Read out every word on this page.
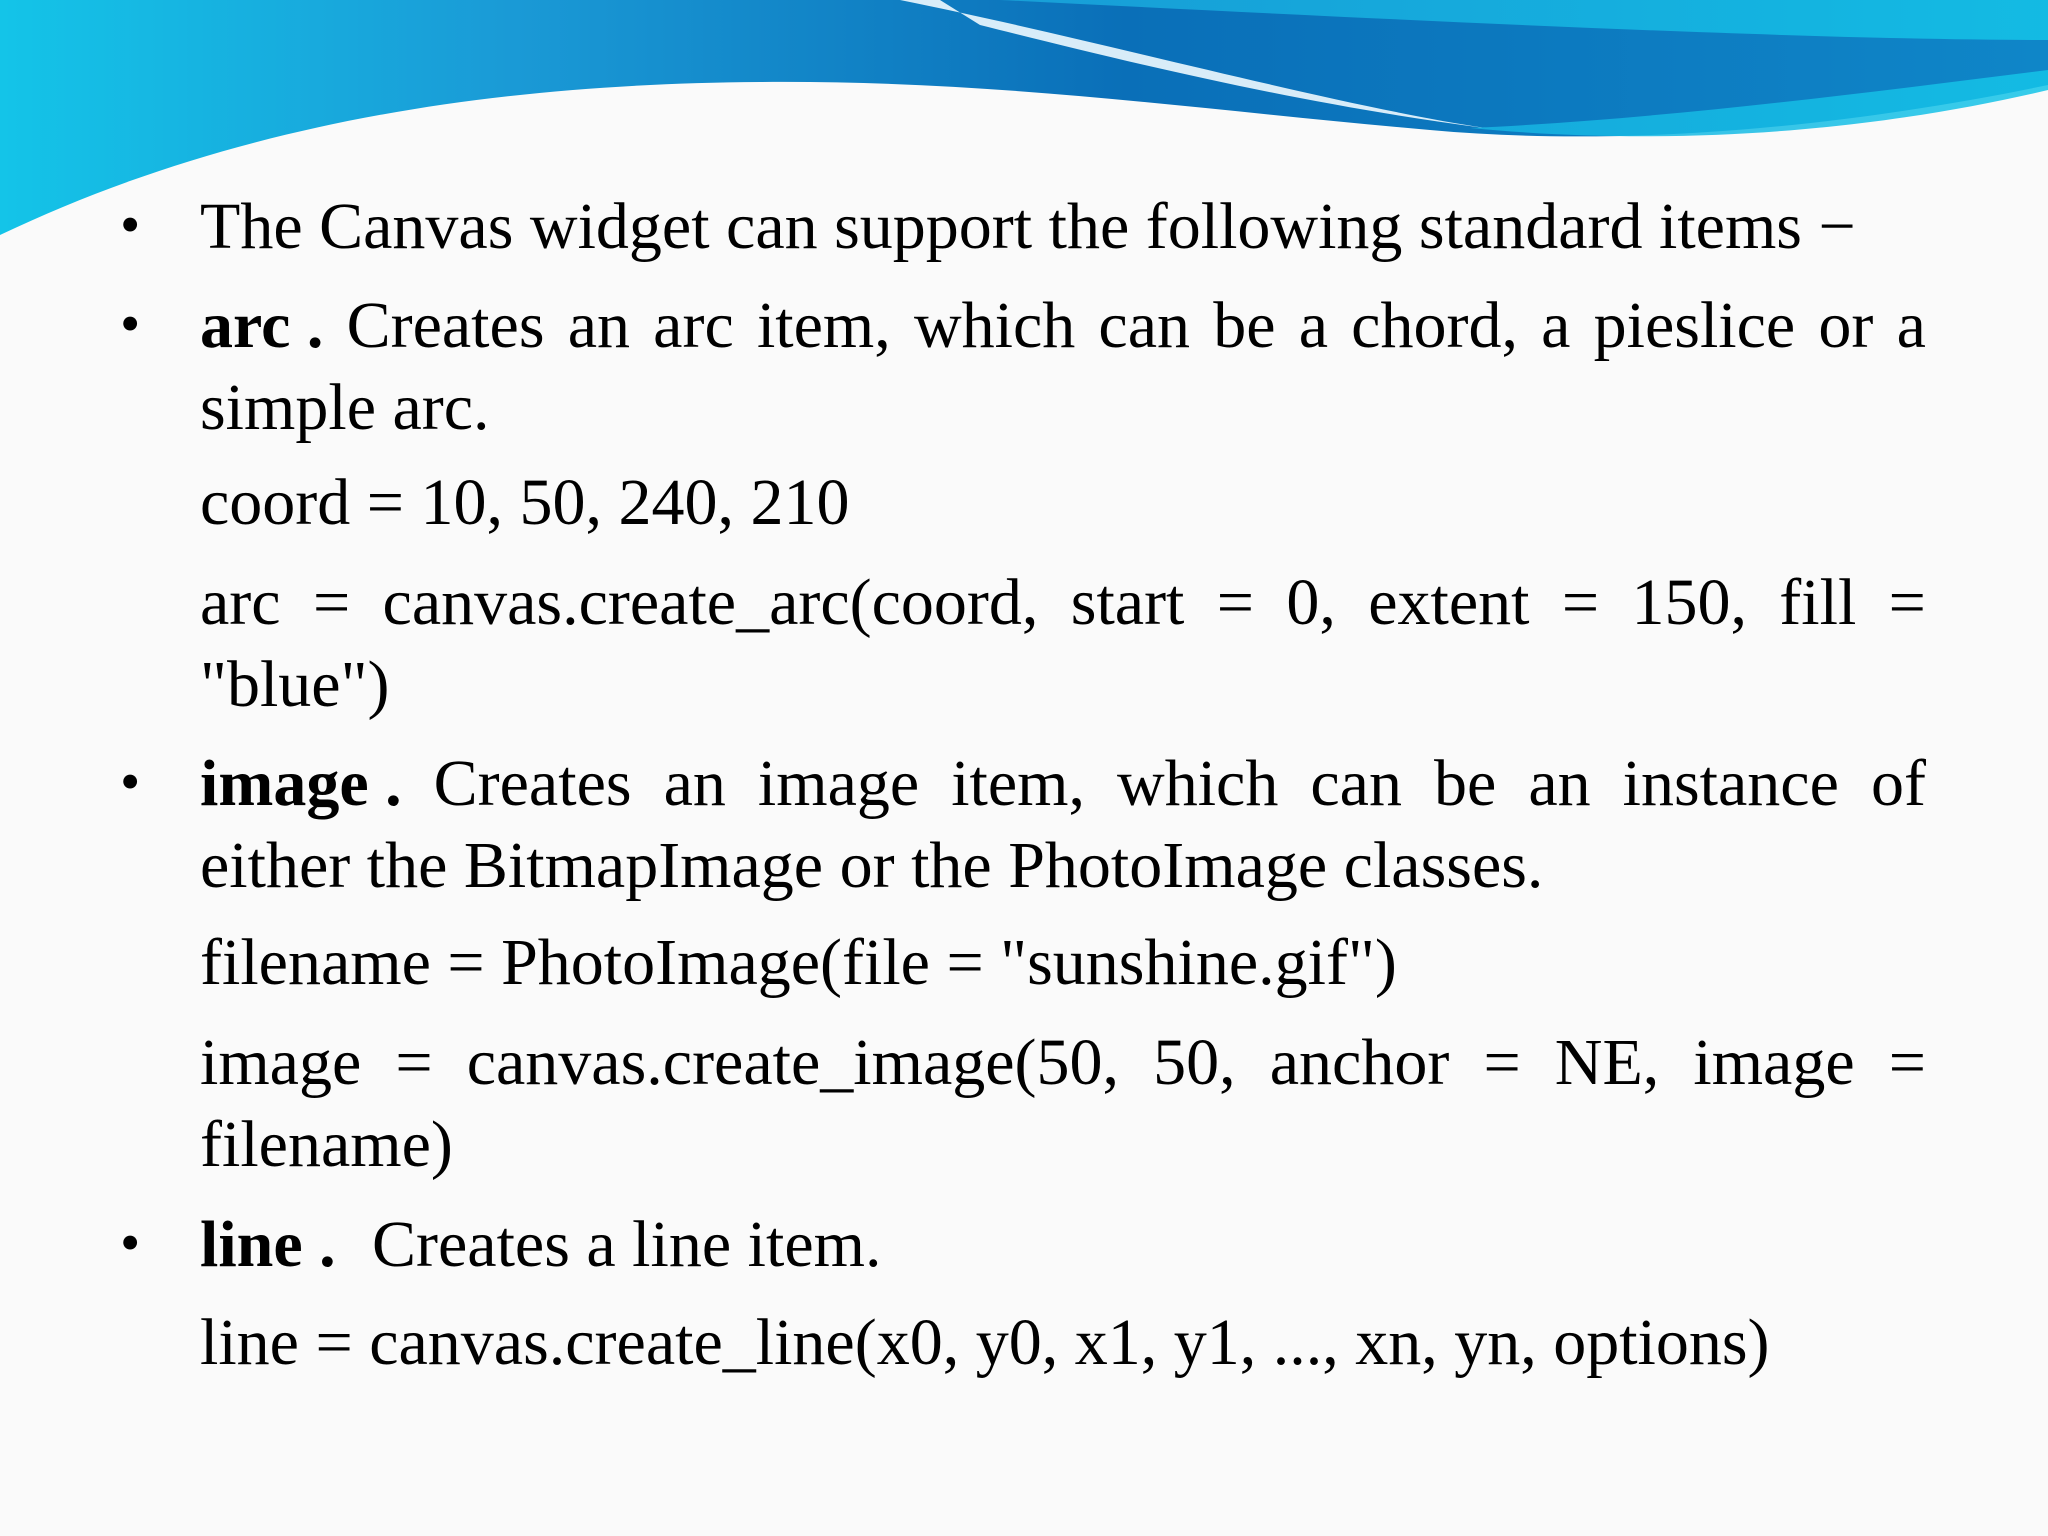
• The Canvas widget can support the following standard items −
• arc . Creates an arc item, which can be a chord, a pieslice or a
simple arc.
coord = 10, 50, 240, 210
arc = canvas.create_arc(coord, start = 0, extent = 150, fill =
"blue")
• image . Creates an image item, which can be an instance of
either the BitmapImage or the PhotoImage classes.
filename = PhotoImage(file = "sunshine.gif")
image = canvas.create_image(50, 50, anchor = NE, image =
filename)
• line . Creates a line item.
line = canvas.create_line(x0, y0, x1, y1, ..., xn, yn, options)
